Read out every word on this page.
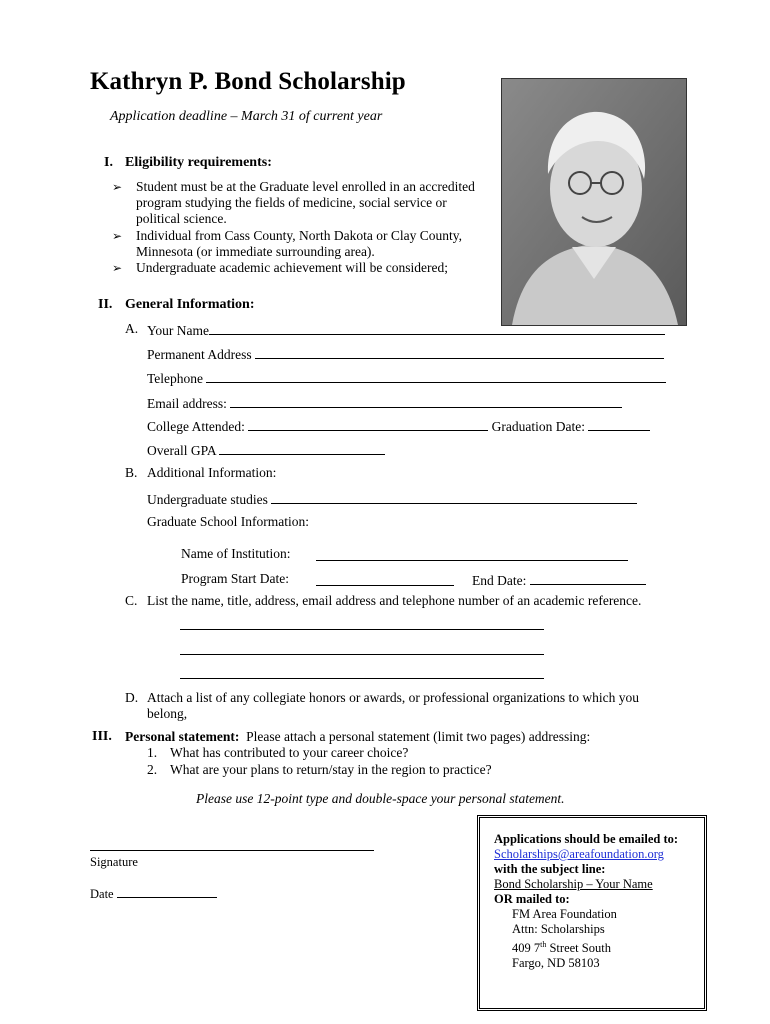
Kathryn P. Bond Scholarship
Application deadline – March 31 of current year
I. Eligibility requirements:
➢ Student must be at the Graduate level enrolled in an accredited
program studying the fields of medicine, social service or
political science.
➢ Individual from Cass County, North Dakota or Clay County,
Minnesota (or immediate surrounding area).
➢ Undergraduate academic achievement will be considered;
II. General Information:
A. Your Name
Permanent Address
Telephone
Email address:
College Attended:	Graduation Date:
Overall GPA
B. Additional Information:
Undergraduate studies
Graduate School Information:
Name of Institution:
Program Start Date:	End Date:
C. List the name, title, address, email address and telephone number of an academic reference.
D. Attach a list of any collegiate honors or awards, or professional organizations to which you
belong,
III. Personal statement: Please attach a personal statement (limit two pages) addressing:
1. What has contributed to your career choice?
2. What are your plans to return/stay in the region to practice?
Please use 12-point type and double-space your personal statement.
Signature
Date
Applications should be emailed to:
Scholarships@areafoundation.org
with the subject line:
Bond Scholarship – Your Name
OR mailed to:
FM Area Foundation
Attn: Scholarships
409 7th Street South
Fargo, ND 58103
